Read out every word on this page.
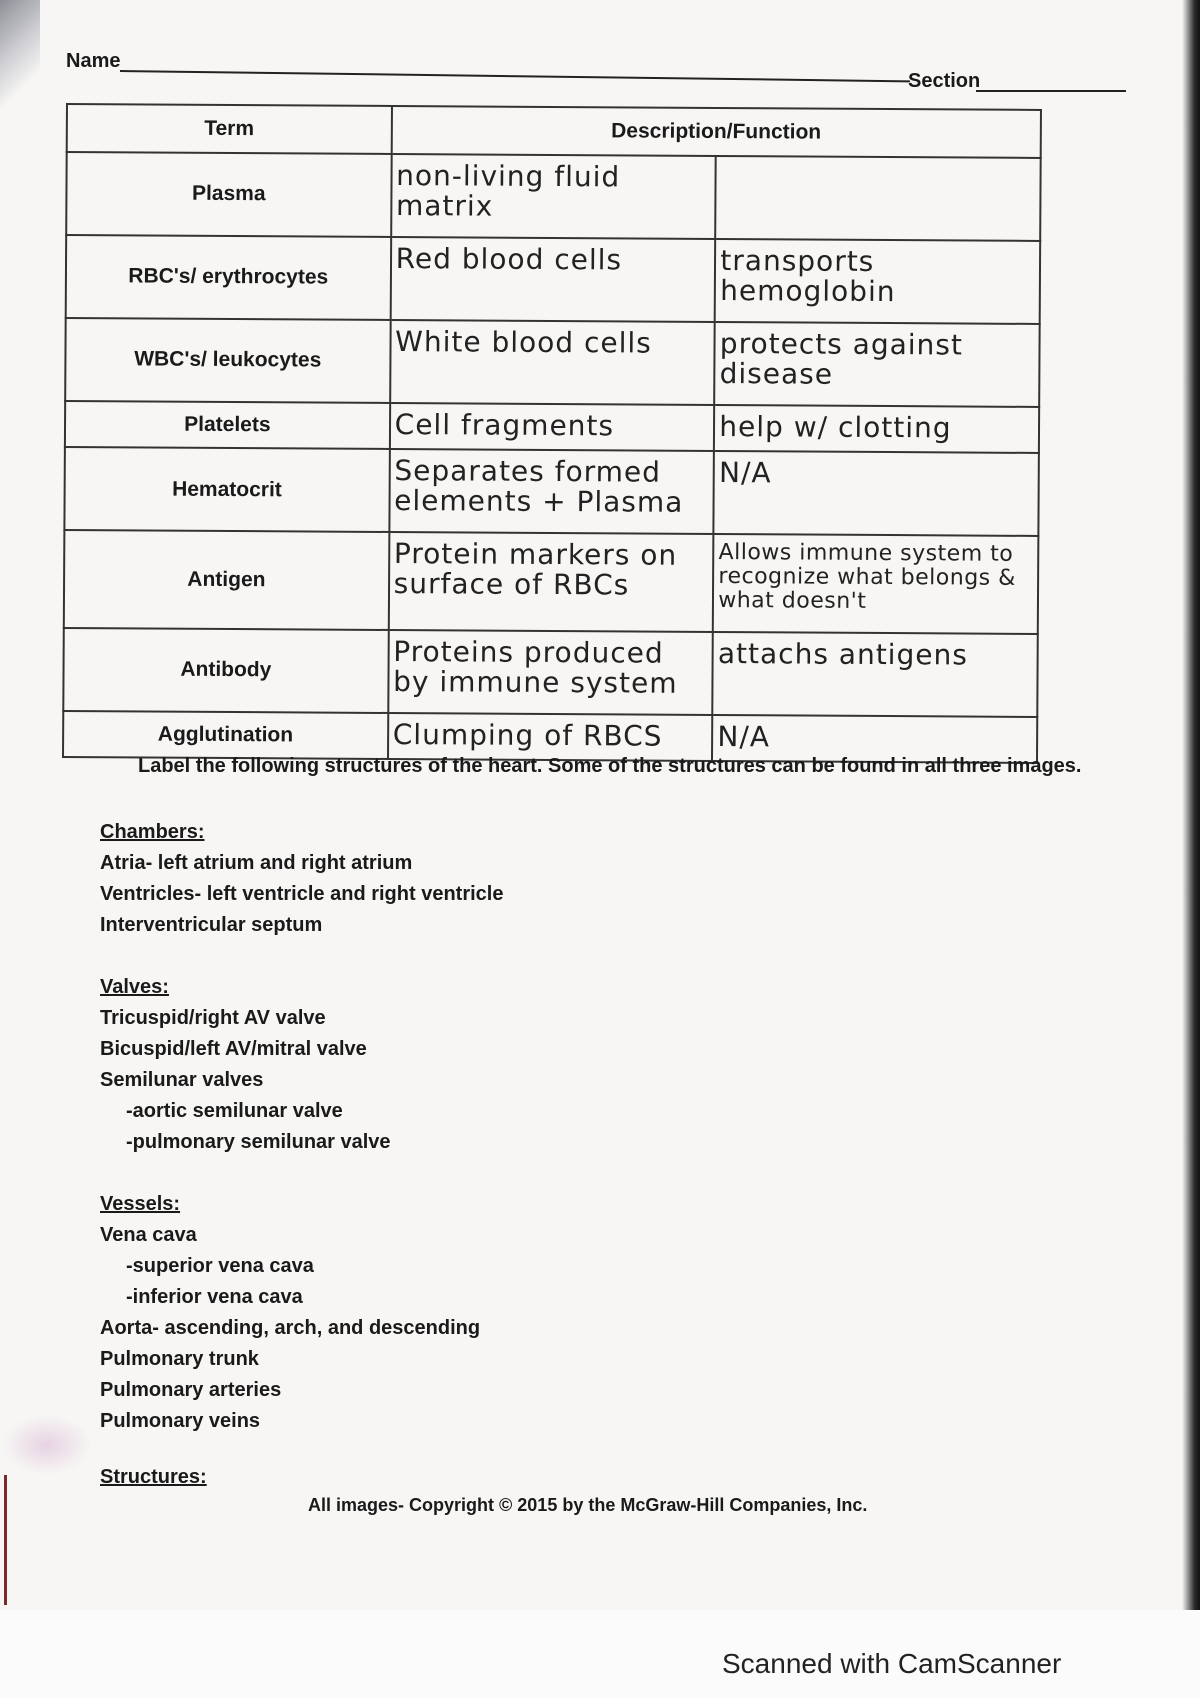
Name
Section
Term	Description/Function	
Plasma	non-living fluid matrix	
RBC's/ erythrocytes	Red blood cells	transports hemoglobin
WBC's/ leukocytes	White blood cells	protects against disease
Platelets	Cell fragments	help w/ clotting
Hematocrit	Separates formed elements + Plasma	N/A
Antigen	Protein markers on surface of RBCs	Allows immune system to recognize what belongs & what doesn't
Antibody	Proteins produced by immune system	attachs antigens
Agglutination	Clumping of RBCS	N/A
Label the following structures of the heart. Some of the structures can be found in all three images.
Chambers:
Atria- left atrium and right atrium
Ventricles- left ventricle and right ventricle
Interventricular septum
Valves:
Tricuspid/right AV valve
Bicuspid/left AV/mitral valve
Semilunar valves
-aortic semilunar valve
-pulmonary semilunar valve
Vessels:
Vena cava
-superior vena cava
-inferior vena cava
Aorta- ascending, arch, and descending
Pulmonary trunk
Pulmonary arteries
Pulmonary veins
Structures:
All images- Copyright © 2015 by the McGraw-Hill Companies, Inc.
Scanned with CamScanner
